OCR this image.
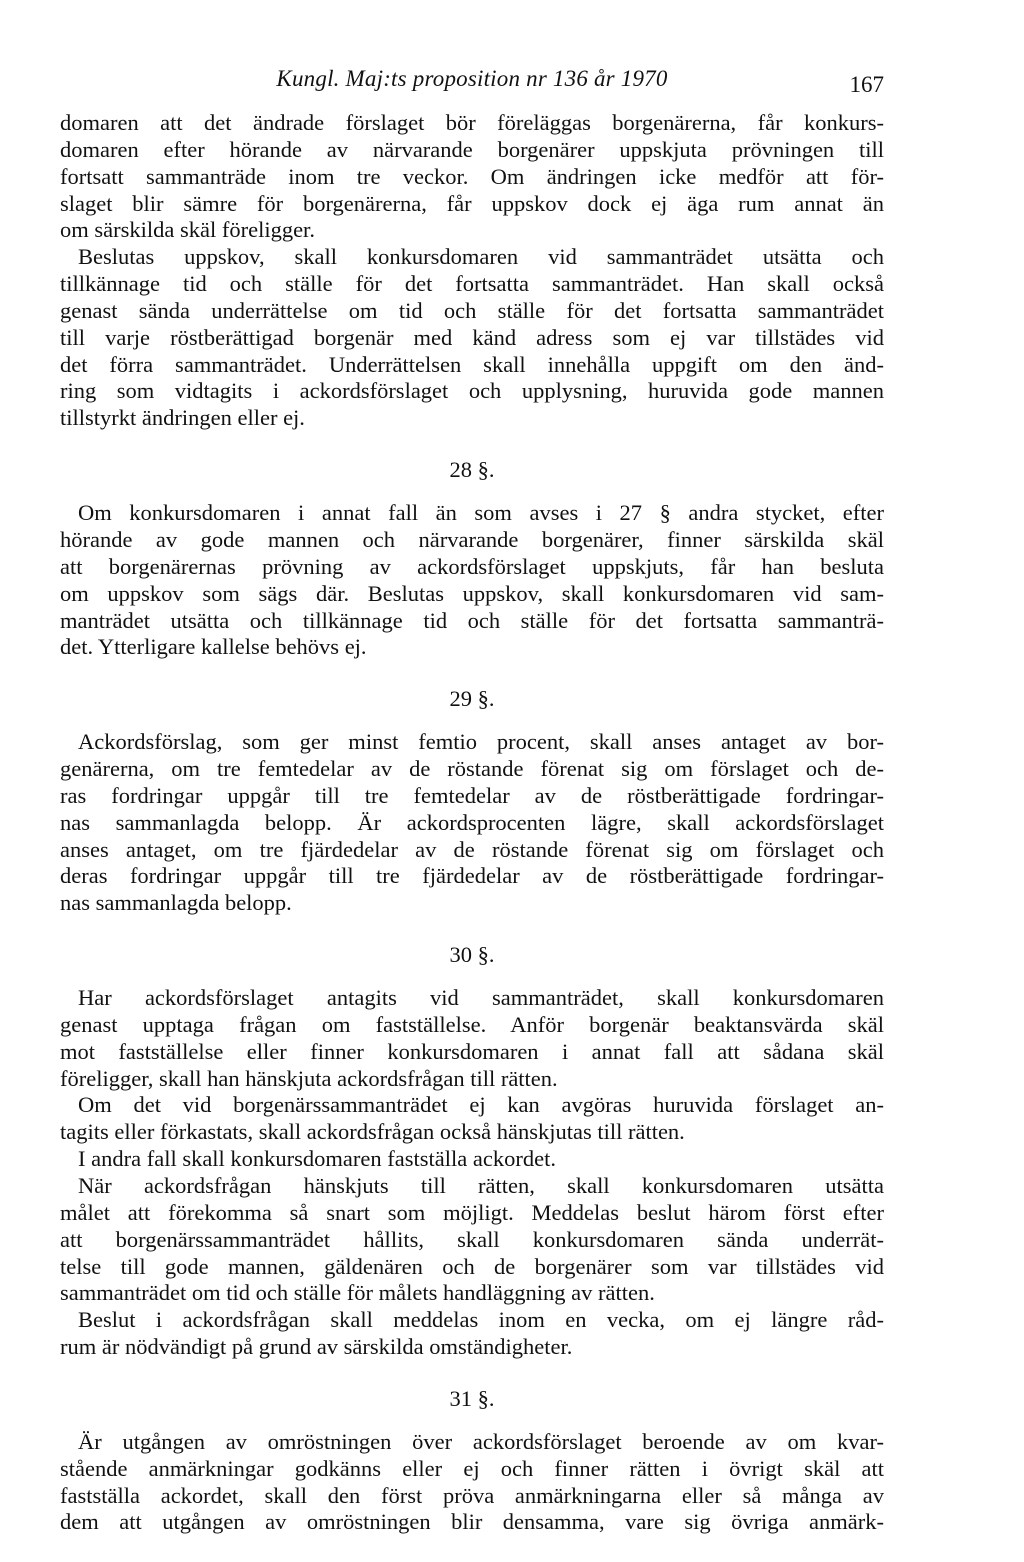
Kungl. Maj:ts proposition nr 136 år 1970	167
domaren att det ändrade förslaget bör föreläggas borgenärerna, får konkurs-
domaren efter hörande av närvarande borgenärer uppskjuta prövningen till
fortsatt sammanträde inom tre veckor. Om ändringen icke medför att för-
slaget blir sämre för borgenärerna, får uppskov dock ej äga rum annat än
om särskilda skäl föreligger.
Beslutas uppskov, skall konkursdomaren vid sammanträdet utsätta och
tillkännage tid och ställe för det fortsatta sammanträdet. Han skall också
genast sända underrättelse om tid och ställe för det fortsatta sammanträdet
till varje röstberättigad borgenär med känd adress som ej var tillstädes vid
det förra sammanträdet. Underrättelsen skall innehålla uppgift om den änd-
ring som vidtagits i ackordsförslaget och upplysning, huruvida gode mannen
tillstyrkt ändringen eller ej.
28 §.
Om konkursdomaren i annat fall än som avses i 27 § andra stycket, efter
hörande av gode mannen och närvarande borgenärer, finner särskilda skäl
att borgenärernas prövning av ackordsförslaget uppskjuts, får han besluta
om uppskov som sägs där. Beslutas uppskov, skall konkursdomaren vid sam-
manträdet utsätta och tillkännage tid och ställe för det fortsatta sammanträ-
det. Ytterligare kallelse behövs ej.
29 §.
Ackordsförslag, som ger minst femtio procent, skall anses antaget av bor-
genärerna, om tre femtedelar av de röstande förenat sig om förslaget och de-
ras fordringar uppgår till tre femtedelar av de röstberättigade fordringar-
nas sammanlagda belopp. Är ackordsprocenten lägre, skall ackordsförslaget
anses antaget, om tre fjärdedelar av de röstande förenat sig om förslaget och
deras fordringar uppgår till tre fjärdedelar av de röstberättigade fordringar-
nas sammanlagda belopp.
30 §.
Har ackordsförslaget antagits vid sammanträdet, skall konkursdomaren
genast upptaga frågan om fastställelse. Anför borgenär beaktansvärda skäl
mot fastställelse eller finner konkursdomaren i annat fall att sådana skäl
föreligger, skall han hänskjuta ackordsfrågan till rätten.
Om det vid borgenärssammanträdet ej kan avgöras huruvida förslaget an-
tagits eller förkastats, skall ackordsfrågan också hänskjutas till rätten.
I andra fall skall konkursdomaren fastställa ackordet.
När ackordsfrågan hänskjuts till rätten, skall konkursdomaren utsätta
målet att förekomma så snart som möjligt. Meddelas beslut härom först efter
att borgenärssammanträdet hållits, skall konkursdomaren sända underrät-
telse till gode mannen, gäldenären och de borgenärer som var tillstädes vid
sammanträdet om tid och ställe för målets handläggning av rätten.
Beslut i ackordsfrågan skall meddelas inom en vecka, om ej längre råd-
rum är nödvändigt på grund av särskilda omständigheter.
31 §.
Är utgången av omröstningen över ackordsförslaget beroende av om kvar-
stående anmärkningar godkänns eller ej och finner rätten i övrigt skäl att
fastställa ackordet, skall den först pröva anmärkningarna eller så många av
dem att utgången av omröstningen blir densamma, vare sig övriga anmärk-
